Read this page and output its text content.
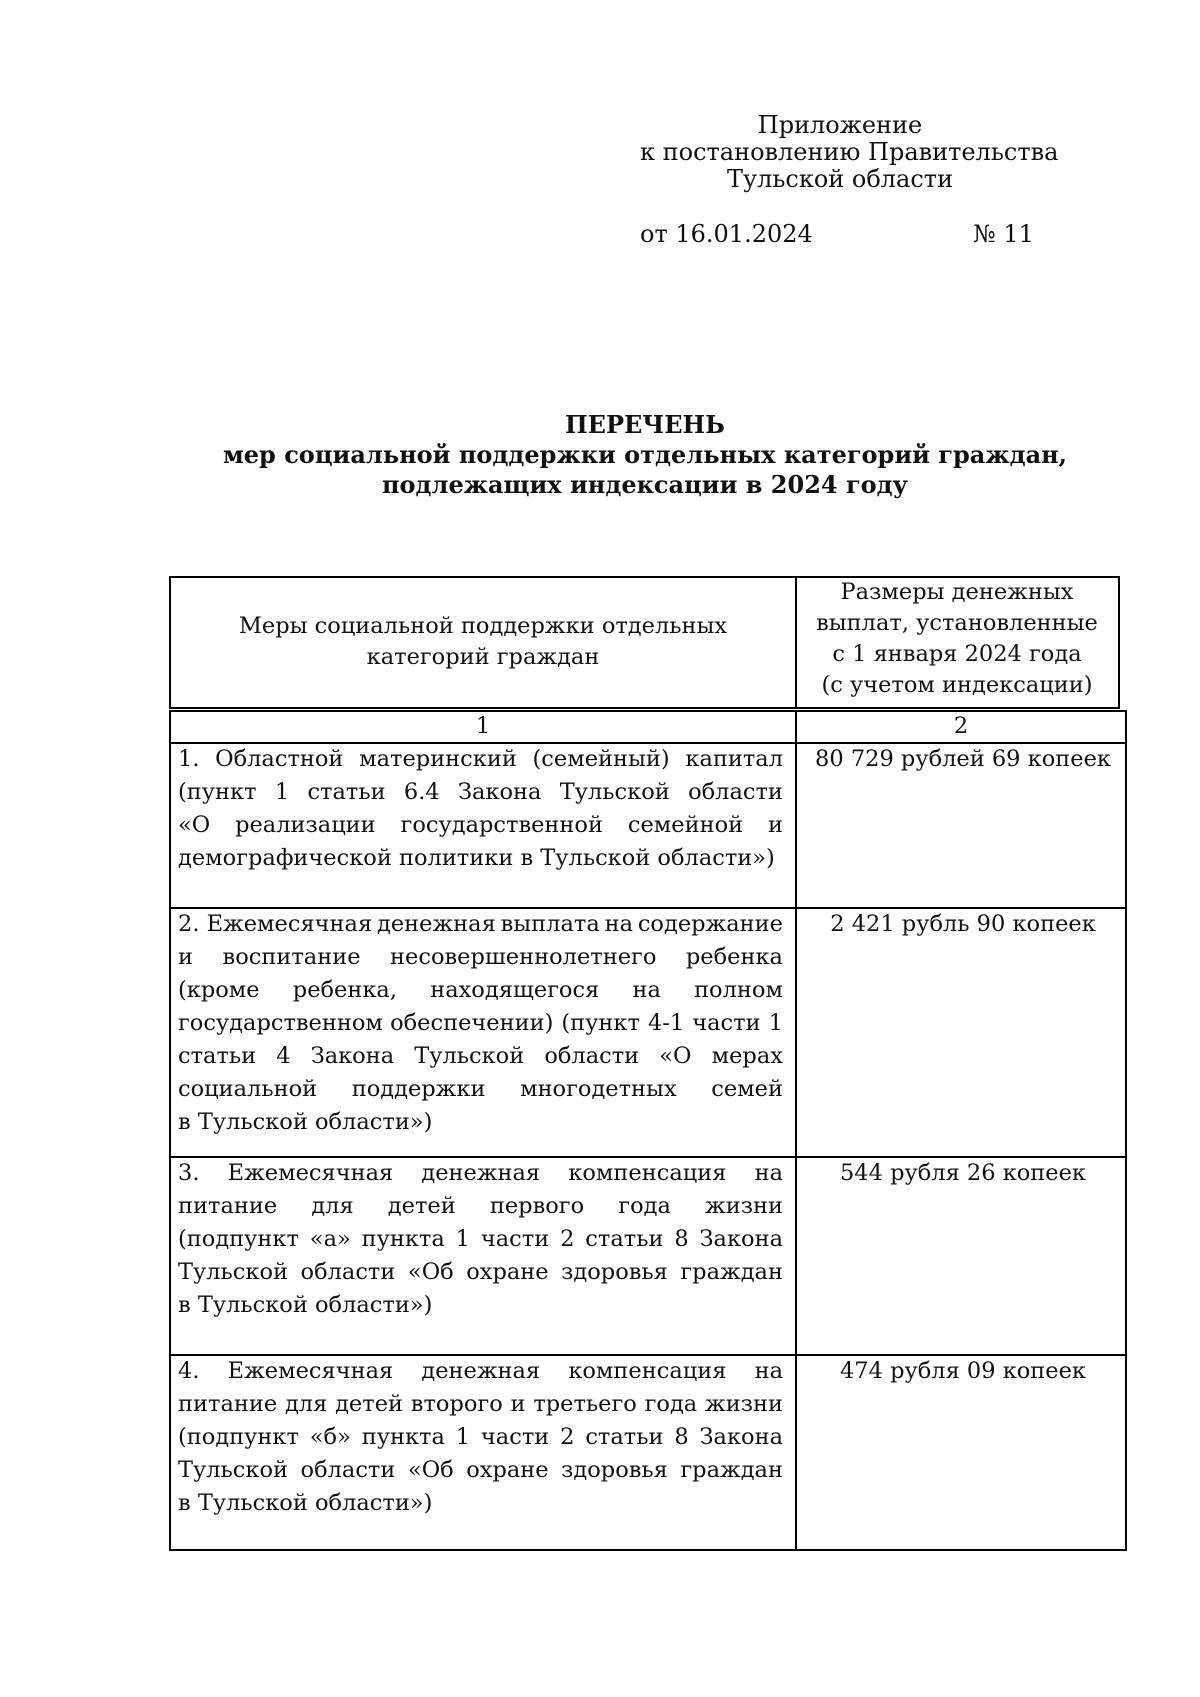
Приложение
к постановлению Правительства
Тульской области
от 16.01.2024	№ 11
ПЕРЕЧЕНЬ
мер социальной поддержки отдельных категорий граждан,
подлежащих индексации в 2024 году
Меры социальной поддержки отдельных
категорий граждан
Размеры денежных
выплат, установленные
с 1 января 2024 года
(с учетом индексации)
1	2
1. Областной материнский (семейный) капитал
(пункт 1 статьи 6.4 Закона Тульской области
«О реализации государственной семейной и
демографической политики в Тульской области»)
80 729 рублей 69 копеек
2. Ежемесячная денежная выплата на содержание
и воспитание несовершеннолетнего ребенка
(кроме ребенка, находящегося на полном
государственном обеспечении) (пункт 4-1 части 1
статьи 4 Закона Тульской области «О мерах
социальной поддержки многодетных семей
в Тульской области»)
2 421 рубль 90 копеек
3. Ежемесячная денежная компенсация на
питание для детей первого года жизни
(подпункт «а» пункта 1 части 2 статьи 8 Закона
Тульской области «Об охране здоровья граждан
в Тульской области»)
544 рубля 26 копеек
4. Ежемесячная денежная компенсация на
питание для детей второго и третьего года жизни
(подпункт «б» пункта 1 части 2 статьи 8 Закона
Тульской области «Об охране здоровья граждан
в Тульской области»)
474 рубля 09 копеек
